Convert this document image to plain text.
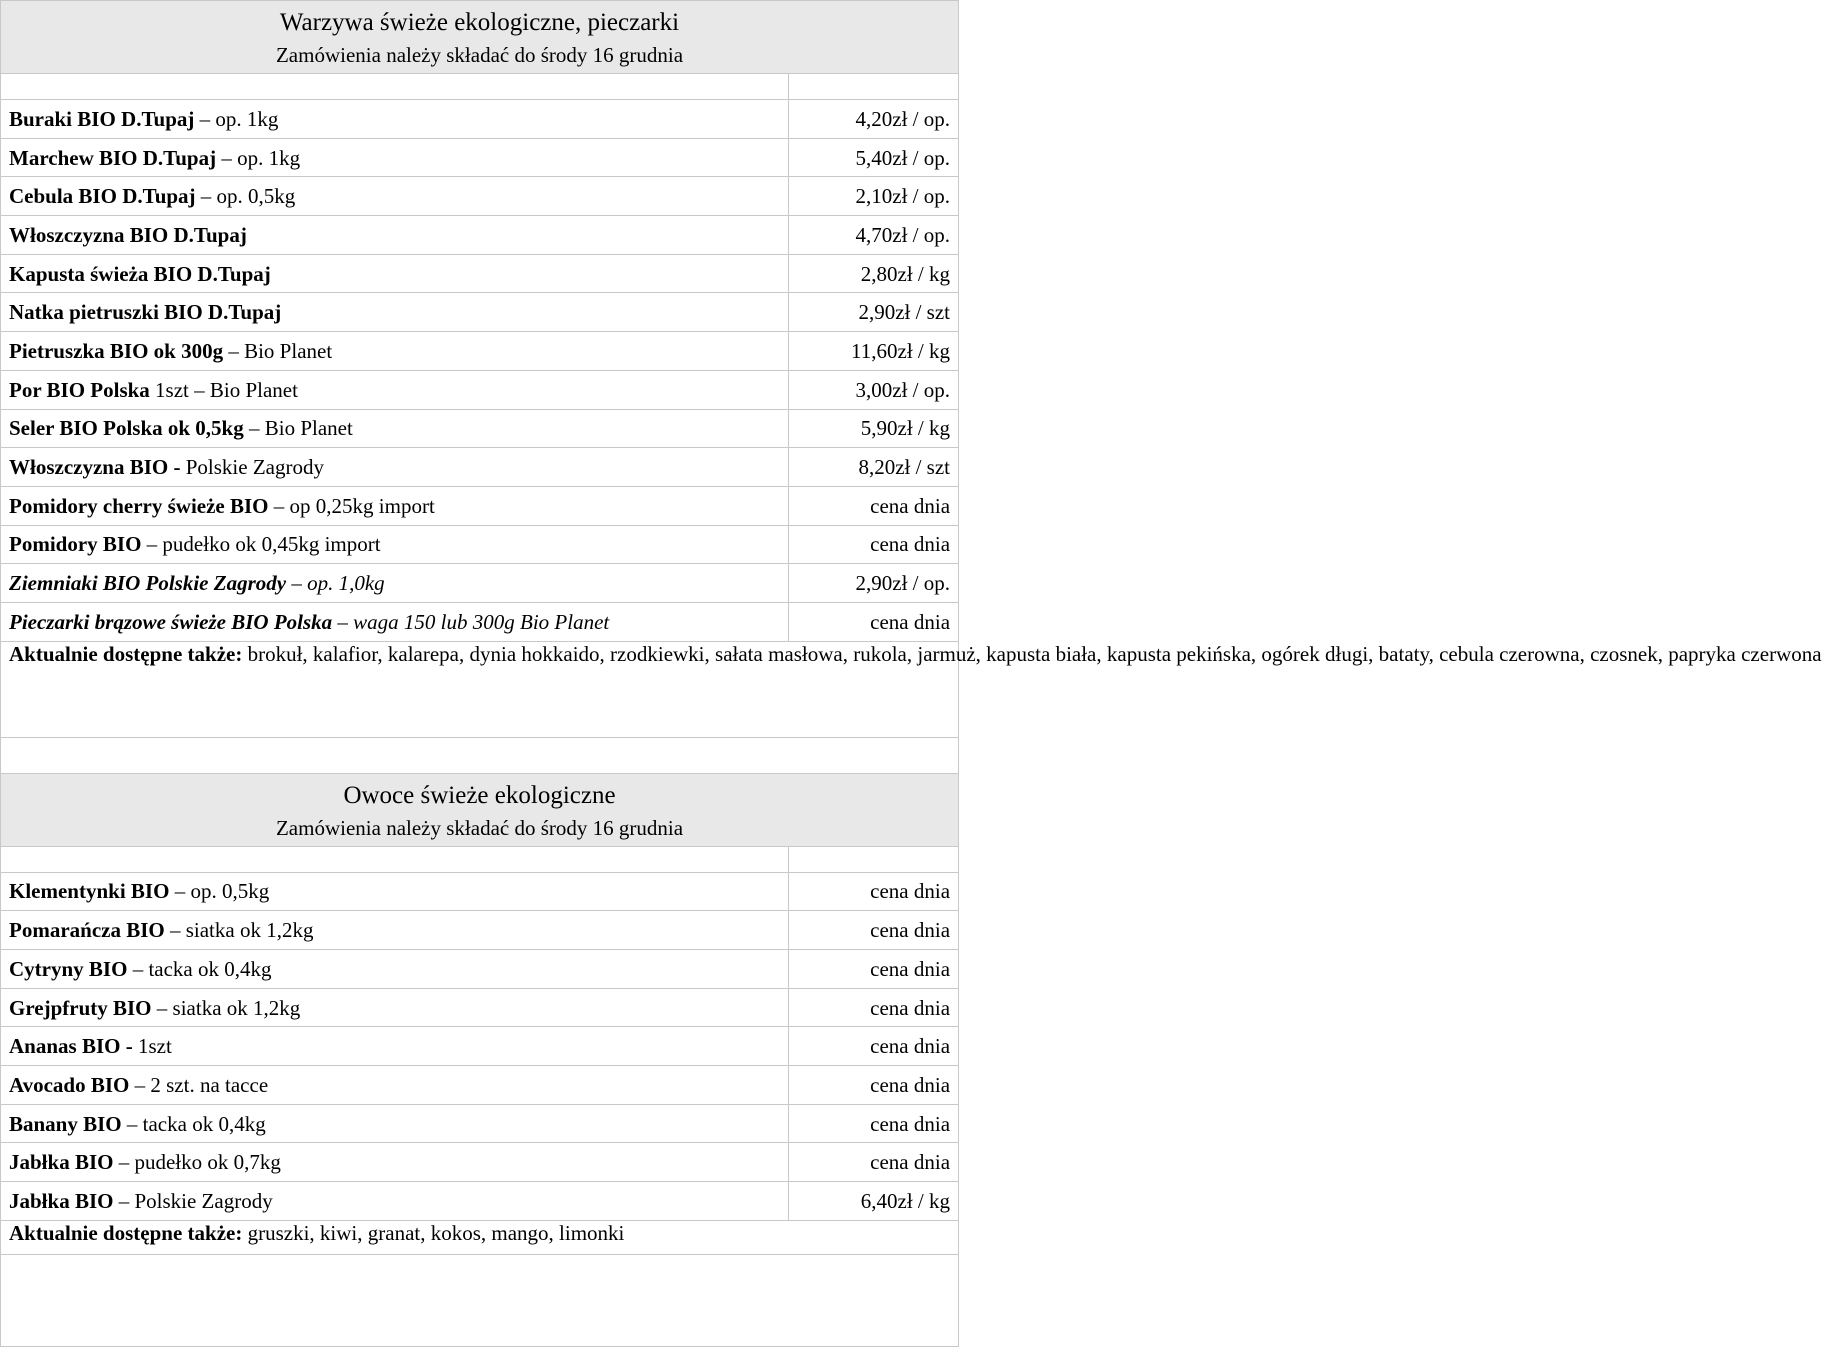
Warzywa świeże ekologiczne, pieczarki
Zamówienia należy składać do środy 16 grudnia	

Buraki BIO D.Tupaj – op. 1kg	4,20zł / op.
Marchew BIO D.Tupaj – op. 1kg	5,40zł / op.
Cebula BIO D.Tupaj – op. 0,5kg	2,10zł / op.
Włoszczyzna BIO D.Tupaj	4,70zł / op.
Kapusta świeża BIO D.Tupaj	2,80zł / kg
Natka pietruszki BIO D.Tupaj	2,90zł / szt
Pietruszka BIO ok 300g – Bio Planet	11,60zł / kg
Por BIO Polska 1szt – Bio Planet	3,00zł / op.
Seler BIO Polska ok 0,5kg – Bio Planet	5,90zł / kg
Włoszczyzna BIO - Polskie Zagrody	8,20zł / szt
Pomidory cherry świeże BIO – op 0,25kg import	cena dnia
Pomidory BIO – pudełko ok 0,45kg import	cena dnia
Ziemniaki BIO Polskie Zagrody – op. 1,0kg	2,90zł / op.
Pieczarki brązowe świeże BIO Polska – waga 150 lub 300g Bio Planet	cena dnia
Aktualnie dostępne także: brokuł, kalafior, kalarepa, dynia hokkaido, rzodkiewki, sałata masłowa, rukola, jarmuż, kapusta biała, kapusta pekińska, ogórek długi, bataty, cebula czerowna, czosnek, papryka czerwona	

Owoce świeże ekologiczne
Zamówienia należy składać do środy 16 grudnia	

Klementynki BIO – op. 0,5kg	cena dnia
Pomarańcza BIO – siatka ok 1,2kg	cena dnia
Cytryny BIO – tacka ok 0,4kg	cena dnia
Grejpfruty BIO – siatka ok 1,2kg	cena dnia
Ananas BIO - 1szt	cena dnia
Avocado BIO – 2 szt. na tacce	cena dnia
Banany BIO – tacka ok 0,4kg	cena dnia
Jabłka BIO – pudełko ok 0,7kg	cena dnia
Jabłka BIO – Polskie Zagrody	6,40zł / kg
Aktualnie dostępne także: gruszki, kiwi, granat, kokos, mango, limonki	
